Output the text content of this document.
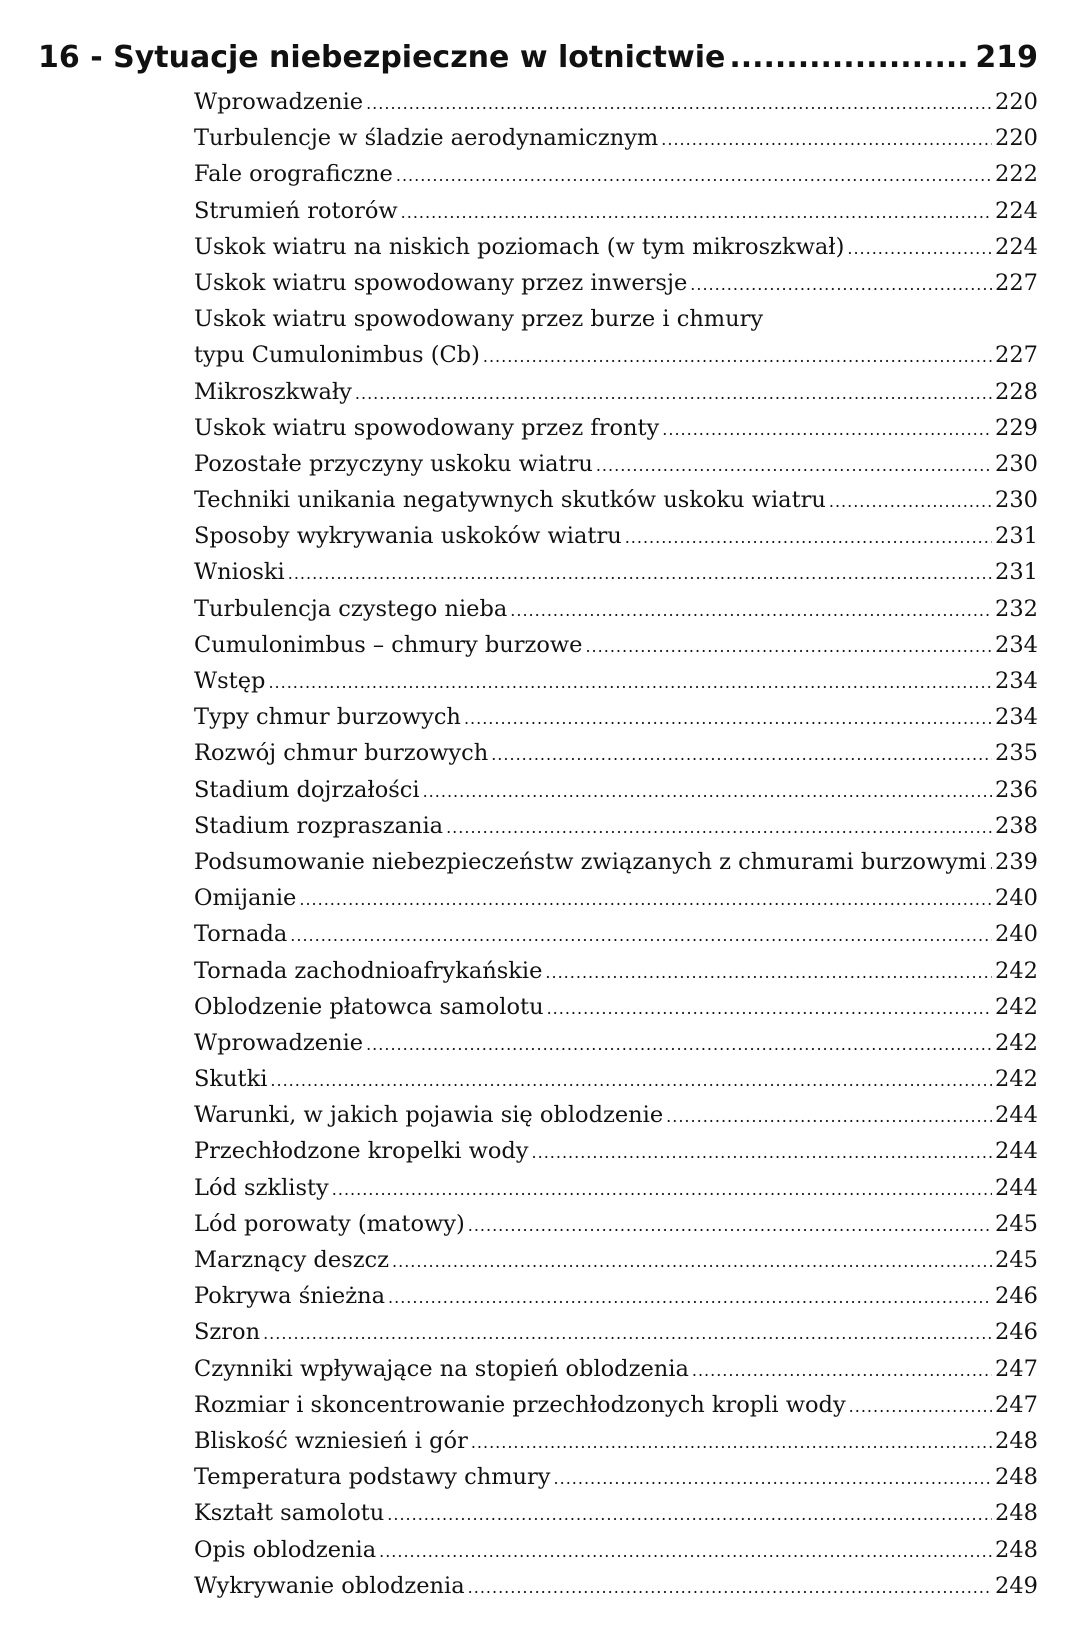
16 - Sytuacje niebezpieczne w lotnictwie .....	219
Wprowadzenie .....	220
Turbulencje w śladzie aerodynamicznym .....	220
Fale orograficzne .....	222
Strumień rotorów .....	224
Uskok wiatru na niskich poziomach (w tym mikroszkwał) .....	224
Uskok wiatru spowodowany przez inwersje .....	227
Uskok wiatru spowodowany przez burze i chmury
typu Cumulonimbus (Cb) .....	227
Mikroszkwały .....	228
Uskok wiatru spowodowany przez fronty .....	229
Pozostałe przyczyny uskoku wiatru .....	230
Techniki unikania negatywnych skutków uskoku wiatru .....	230
Sposoby wykrywania uskoków wiatru .....	231
Wnioski .....	231
Turbulencja czystego nieba .....	232
Cumulonimbus – chmury burzowe .....	234
Wstęp .....	234
Typy chmur burzowych .....	234
Rozwój chmur burzowych .....	235
Stadium dojrzałości .....	236
Stadium rozpraszania .....	238
Podsumowanie niebezpieczeństw związanych z chmurami burzowymi ..... 239
Omijanie .....	240
Tornada .....	240
Tornada zachodnioafrykańskie .....	242
Oblodzenie płatowca samolotu .....	242
Wprowadzenie .....	242
Skutki .....	242
Warunki, w jakich pojawia się oblodzenie .....	244
Przechłodzone kropelki wody .....	244
Lód szklisty .....	244
Lód porowaty (matowy) .....	245
Marznący deszcz .....	245
Pokrywa śnieżna .....	246
Szron .....	246
Czynniki wpływające na stopień oblodzenia .....	247
Rozmiar i skoncentrowanie przechłodzonych kropli wody .....	247
Bliskość wzniesień i gór .....	248
Temperatura podstawy chmury .....	248
Kształt samolotu .....	248
Opis oblodzenia .....	248
Wykrywanie oblodzenia .....	249
